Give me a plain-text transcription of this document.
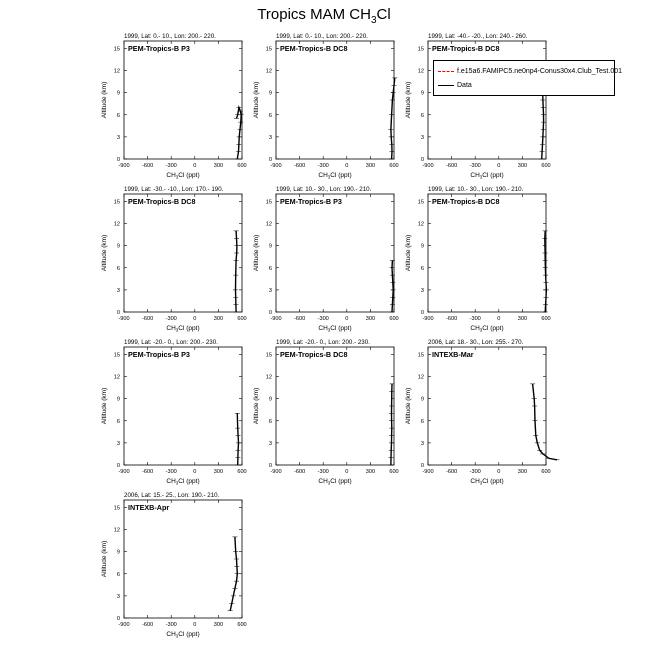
Tropics MAM $CH_3Cl$
1999, Lat: 0.- 10., Lon: 200.- 220.
PEM-Tropics-B P3
-900 -600 -300	0	300	600
0
3
6
9
12
15
Altitude (km)
$CH_3Cl$ (ppt)
1999, Lat: 0.- 10., Lon: 200.- 220.
PEM-Tropics-B DC8
-900 -600 -300	0	300	600
0
3
6
9
12
15
Altitude (km)
$CH_3Cl$ (ppt)
1999, Lat: -40.- -20., Lon: 240.- 260.
PEM-Tropics-B DC8
-900 -600 -300	0	300	600
0
3
6
9
12
15
Altitude (km)
$CH_3Cl$ (ppt)
1999, Lat: -30.- -10., Lon: 170.- 190.
PEM-Tropics-B DC8
-900 -600 -300	0	300	600
0
3
6
9
12
15
Altitude (km)
$CH_3Cl$ (ppt)
1999, Lat: 10.- 30., Lon: 190.- 210.
PEM-Tropics-B P3
-900 -600 -300	0	300	600
0
3
6
9
12
15
Altitude (km)
$CH_3Cl$ (ppt)
1999, Lat: 10.- 30., Lon: 190.- 210.
PEM-Tropics-B DC8
-900 -600 -300	0	300	600
0
3
6
9
12
15
Altitude (km)
$CH_3Cl$ (ppt)
1999, Lat: -20.- 0., Lon: 200.- 230.
PEM-Tropics-B P3
-900 -600 -300	0	300	600
0
3
6
9
12
15
Altitude (km)
$CH_3Cl$ (ppt)
1999, Lat: -20.- 0., Lon: 200.- 230.
PEM-Tropics-B DC8
-900 -600 -300	0	300	600
0
3
6
9
12
15
Altitude (km)
$CH_3Cl$ (ppt)
2006, Lat: 18.- 30., Lon: 255.- 270.
INTEXB-Mar
-900 -600 -300	0	300	600
0
3
6
9
12
15
Altitude (km)
$CH_3Cl$ (ppt)
2006, Lat: 15.- 25., Lon: 190.- 210.
INTEXB-Apr
-900 -600 -300	0	300	600
0
3
6
9
12
15
Altitude (km)
$CH_3Cl$ (ppt)
f.e15a6.FAMIPC5.ne0np4-Conus30x4.Club_Test.001
Data
